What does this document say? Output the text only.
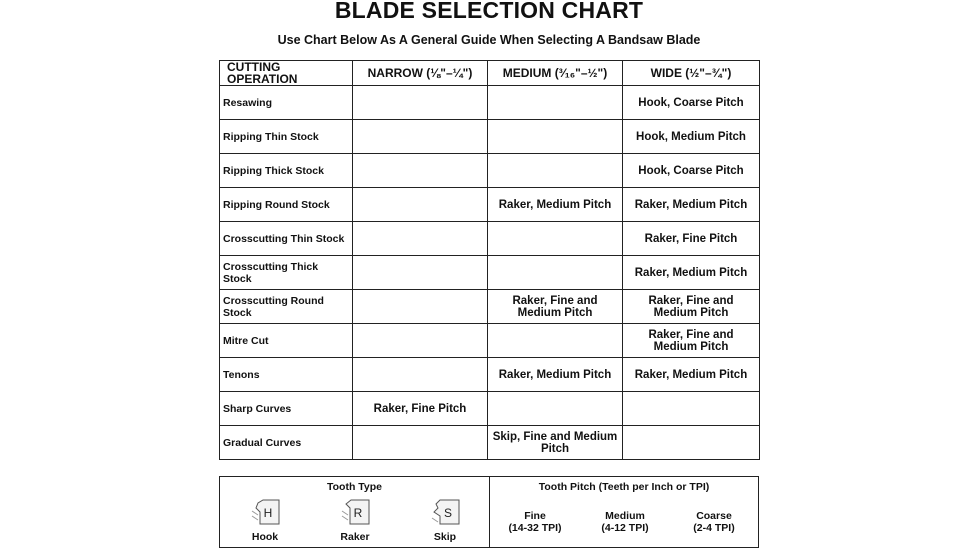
BLADE SELECTION CHART
Use Chart Below As A General Guide When Selecting A Bandsaw Blade
CUTTING OPERATION	NARROW (⅛"–¼")	MEDIUM (³⁄₁₆"–½")	WIDE (½"–¾")
Resawing			Hook, Coarse Pitch
Ripping Thin Stock			Hook, Medium Pitch
Ripping Thick Stock			Hook, Coarse Pitch
Ripping Round Stock		Raker, Medium Pitch	Raker, Medium Pitch
Crosscutting Thin Stock			Raker, Fine Pitch
Crosscutting Thick Stock			Raker, Medium Pitch
Crosscutting Round Stock		Raker, Fine and Medium Pitch	Raker, Fine and Medium Pitch
Mitre Cut			Raker, Fine and Medium Pitch
Tenons		Raker, Medium Pitch	Raker, Medium Pitch
Sharp Curves	Raker, Fine Pitch		
Gradual Curves		Skip, Fine and Medium Pitch	
Tooth Type	Tooth Pitch (Teeth per Inch or TPI)
H
Hook
R
Raker
S
Skip
Fine
(14-32 TPI)
Medium
(4-12 TPI)
Coarse
(2-4 TPI)
